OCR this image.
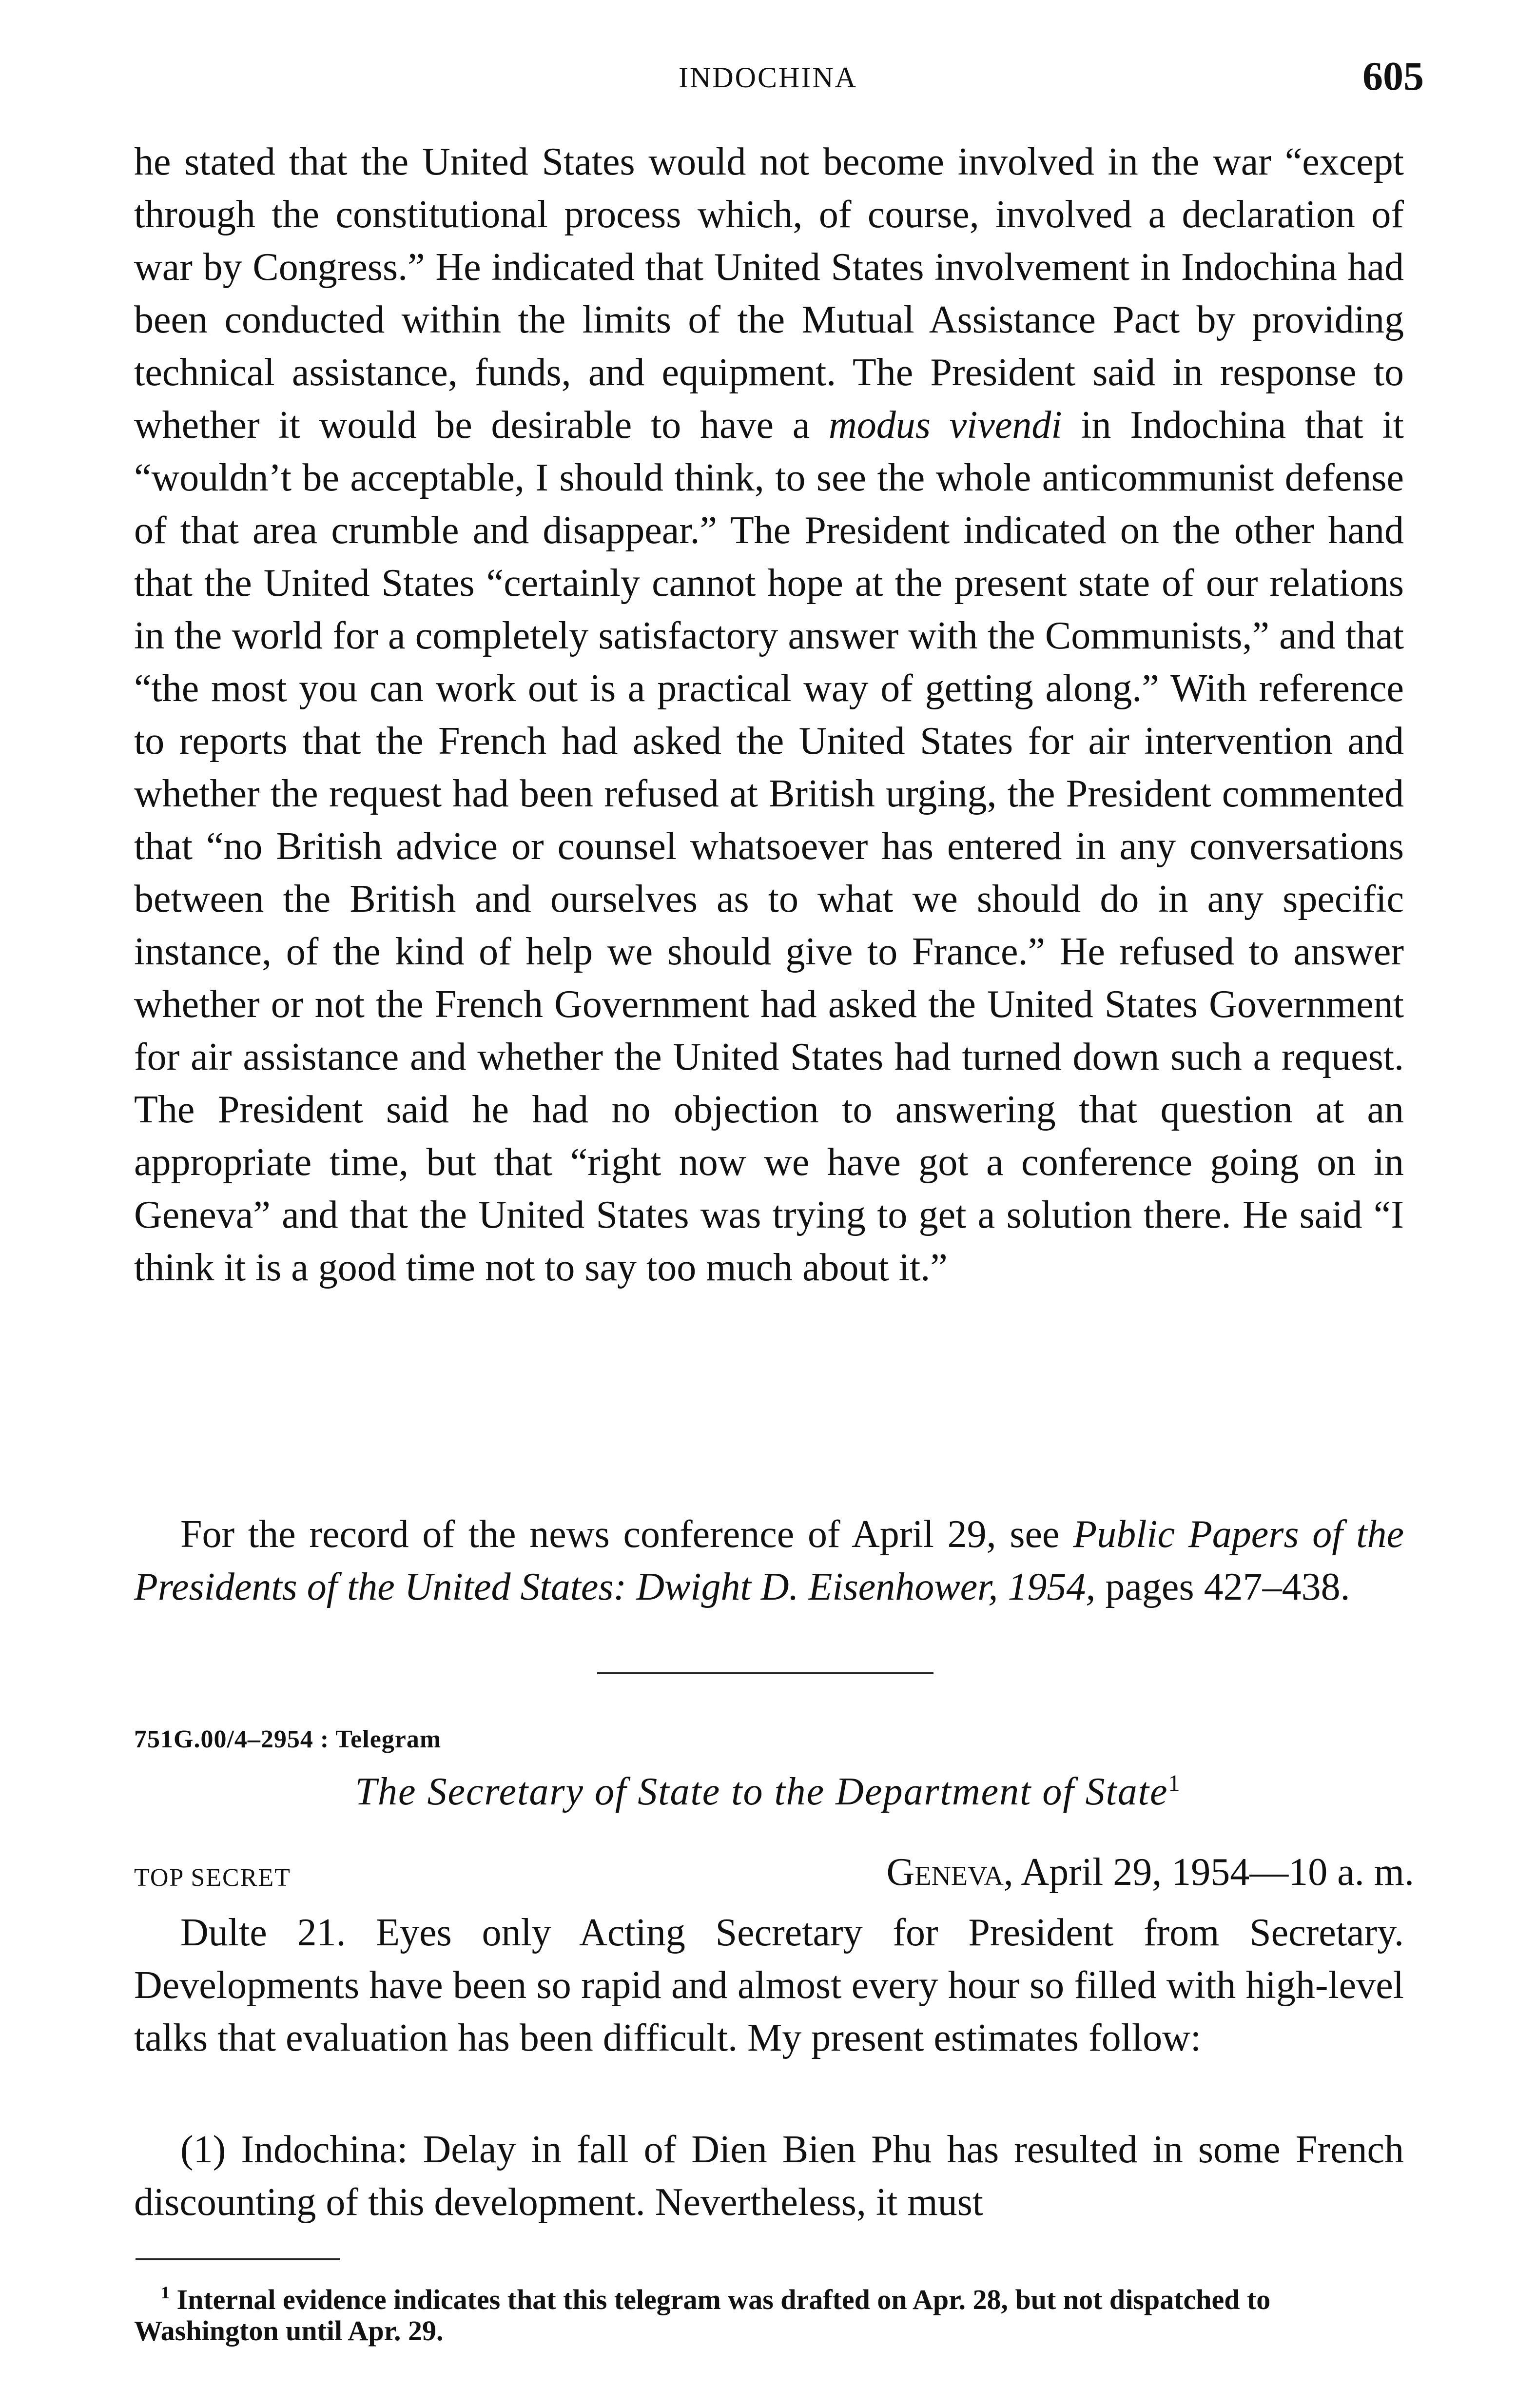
INDOCHINA	605
he stated that the United States would not become involved in the war “except through the constitutional process which, of course, involved a declaration of war by Congress.” He indicated that United States involvement in Indochina had been conducted within the limits of the Mutual Assistance Pact by providing technical assistance, funds, and equipment. The President said in response to whether it would be desirable to have a modus vivendi in Indochina that it “wouldn’t be acceptable, I should think, to see the whole anticommunist defense of that area crumble and disappear.” The President indicated on the other hand that the United States “certainly cannot hope at the present state of our relations in the world for a completely satisfactory answer with the Communists,” and that “the most you can work out is a practical way of getting along.” With reference to reports that the French had asked the United States for air intervention and whether the request had been refused at British urging, the President commented that “no British advice or counsel whatsoever has entered in any conversations between the British and ourselves as to what we should do in any specific instance, of the kind of help we should give to France.” He refused to answer whether or not the French Government had asked the United States Government for air assistance and whether the United States had turned down such a request. The President said he had no objection to answering that question at an appropriate time, but that “right now we have got a conference going on in Geneva” and that the United States was trying to get a solution there. He said “I think it is a good time not to say too much about it.”
For the record of the news conference of April 29, see Public Papers of the Presidents of the United States: Dwight D. Eisenhower, 1954, pages 427–438.
751G.00/4–2954 : Telegram
The Secretary of State to the Department of State$^1$
TOP SECRET	Geneva, April 29, 1954—10 a. m.
Dulte 21. Eyes only Acting Secretary for President from Secretary. Developments have been so rapid and almost every hour so filled with high-level talks that evaluation has been difficult. My present estimates follow:
(1) Indochina: Delay in fall of Dien Bien Phu has resulted in some French discounting of this development. Nevertheless, it must
$^1$ Internal evidence indicates that this telegram was drafted on Apr. 28, but not dispatched to Washington until Apr. 29.
